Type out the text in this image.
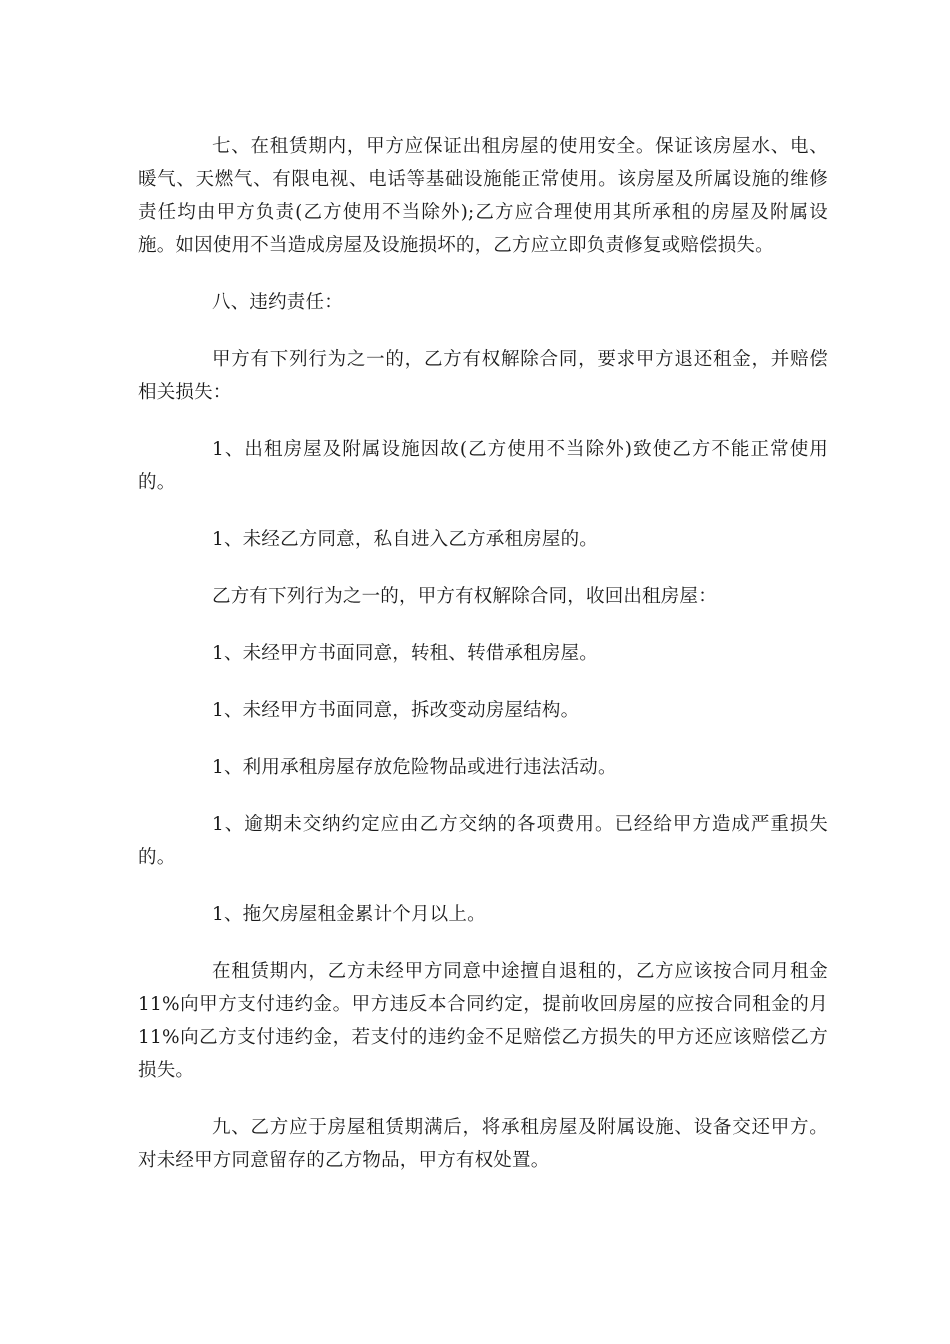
七、在租赁期内，甲方应保证出租房屋的使用安全。保证该房屋水、电、暖气、天燃气、有限电视、电话等基础设施能正常使用。该房屋及所属设施的维修责任均由甲方负责(乙方使用不当除外);乙方应合理使用其所承租的房屋及附属设施。如因使用不当造成房屋及设施损坏的，乙方应立即负责修复或赔偿损失。

八、违约责任：

甲方有下列行为之一的，乙方有权解除合同，要求甲方退还租金，并赔偿相关损失：

1、出租房屋及附属设施因故(乙方使用不当除外)致使乙方不能正常使用的。

1、未经乙方同意，私自进入乙方承租房屋的。

乙方有下列行为之一的，甲方有权解除合同，收回出租房屋：

1、未经甲方书面同意，转租、转借承租房屋。

1、未经甲方书面同意，拆改变动房屋结构。

1、利用承租房屋存放危险物品或进行违法活动。

1、逾期未交纳约定应由乙方交纳的各项费用。已经给甲方造成严重损失的。

1、拖欠房屋租金累计个月以上。

在租赁期内，乙方未经甲方同意中途擅自退租的，乙方应该按合同月租金11%向甲方支付违约金。甲方违反本合同约定，提前收回房屋的应按合同租金的月11%向乙方支付违约金，若支付的违约金不足赔偿乙方损失的甲方还应该赔偿乙方损失。

九、乙方应于房屋租赁期满后，将承租房屋及附属设施、设备交还甲方。对未经甲方同意留存的乙方物品，甲方有权处置。
